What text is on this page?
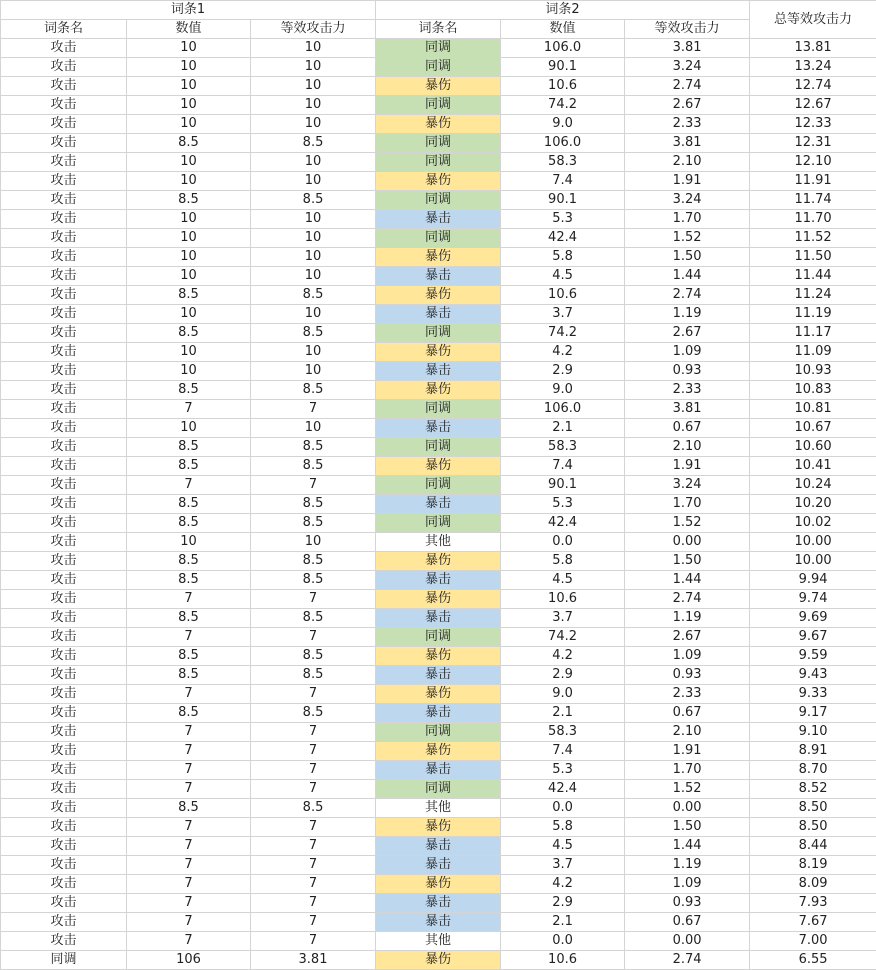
词条1			词条2			总等效攻击力
词条名	数值	等效攻击力	词条名	数值	等效攻击力	
攻击	10	10	同调	106.0	3.81	13.81
攻击	10	10	同调	90.1	3.24	13.24
攻击	10	10	暴伤	10.6	2.74	12.74
攻击	10	10	同调	74.2	2.67	12.67
攻击	10	10	暴伤	9.0	2.33	12.33
攻击	8.5	8.5	同调	106.0	3.81	12.31
攻击	10	10	同调	58.3	2.10	12.10
攻击	10	10	暴伤	7.4	1.91	11.91
攻击	8.5	8.5	同调	90.1	3.24	11.74
攻击	10	10	暴击	5.3	1.70	11.70
攻击	10	10	同调	42.4	1.52	11.52
攻击	10	10	暴伤	5.8	1.50	11.50
攻击	10	10	暴击	4.5	1.44	11.44
攻击	8.5	8.5	暴伤	10.6	2.74	11.24
攻击	10	10	暴击	3.7	1.19	11.19
攻击	8.5	8.5	同调	74.2	2.67	11.17
攻击	10	10	暴伤	4.2	1.09	11.09
攻击	10	10	暴击	2.9	0.93	10.93
攻击	8.5	8.5	暴伤	9.0	2.33	10.83
攻击	7	7	同调	106.0	3.81	10.81
攻击	10	10	暴击	2.1	0.67	10.67
攻击	8.5	8.5	同调	58.3	2.10	10.60
攻击	8.5	8.5	暴伤	7.4	1.91	10.41
攻击	7	7	同调	90.1	3.24	10.24
攻击	8.5	8.5	暴击	5.3	1.70	10.20
攻击	8.5	8.5	同调	42.4	1.52	10.02
攻击	10	10	其他	0.0	0.00	10.00
攻击	8.5	8.5	暴伤	5.8	1.50	10.00
攻击	8.5	8.5	暴击	4.5	1.44	9.94
攻击	7	7	暴伤	10.6	2.74	9.74
攻击	8.5	8.5	暴击	3.7	1.19	9.69
攻击	7	7	同调	74.2	2.67	9.67
攻击	8.5	8.5	暴伤	4.2	1.09	9.59
攻击	8.5	8.5	暴击	2.9	0.93	9.43
攻击	7	7	暴伤	9.0	2.33	9.33
攻击	8.5	8.5	暴击	2.1	0.67	9.17
攻击	7	7	同调	58.3	2.10	9.10
攻击	7	7	暴伤	7.4	1.91	8.91
攻击	7	7	暴击	5.3	1.70	8.70
攻击	7	7	同调	42.4	1.52	8.52
攻击	8.5	8.5	其他	0.0	0.00	8.50
攻击	7	7	暴伤	5.8	1.50	8.50
攻击	7	7	暴击	4.5	1.44	8.44
攻击	7	7	暴击	3.7	1.19	8.19
攻击	7	7	暴伤	4.2	1.09	8.09
攻击	7	7	暴击	2.9	0.93	7.93
攻击	7	7	暴击	2.1	0.67	7.67
攻击	7	7	其他	0.0	0.00	7.00
同调	106	3.81	暴伤	10.6	2.74	6.55
